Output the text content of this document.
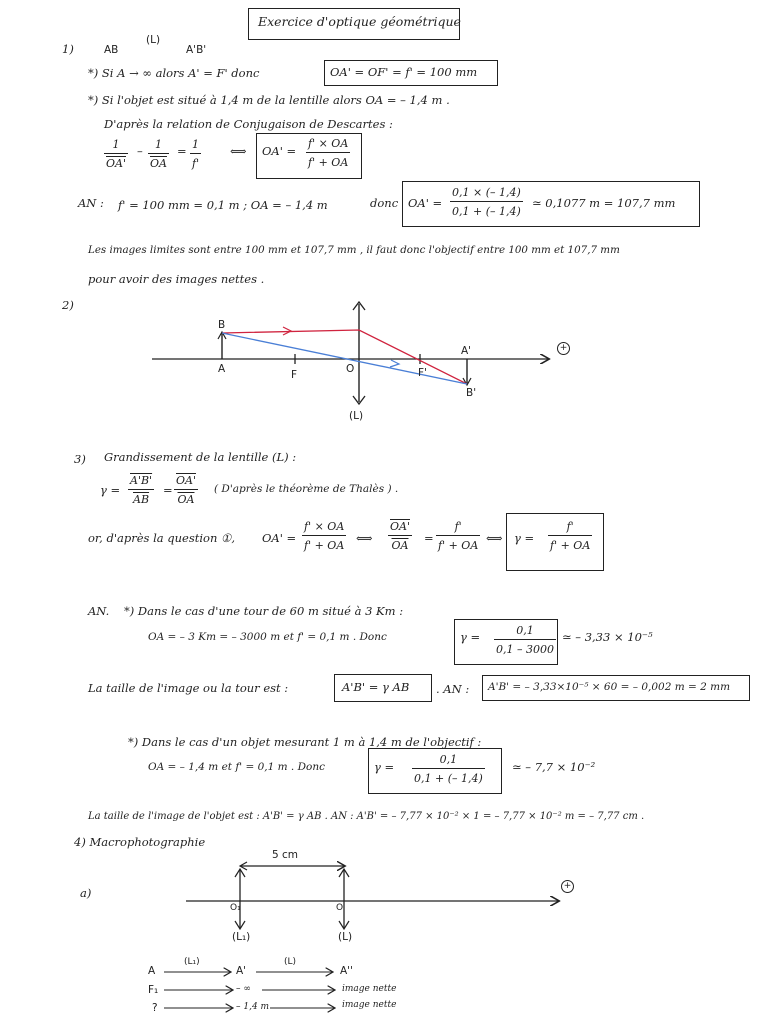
Exercice d'optique géométrique
1)	AB
(L)
A'B'
*) Si A → ∞ alors A' = F' donc	OA' = OF' = f' = 100 mm
*) Si l'objet est situé à 1,4 m de la lentille alors OA = – 1,4 m .
D'après la relation de Conjugaison de Descartes :
$\frac{1}{OA'} - \frac{1}{OA} = 1$
f'
⟺ OA' =
f' × OA
f' + OA
AN : f' = 100 mm = 0,1 m ; OA = – 1,4 m	donc OA' =
0,1 × (– 1,4)
0,1 + (– 1,4)
≃ 0,1077 m = 107,7 mm
Les images limites sont entre 100 mm et 107,7 mm , il faut donc l'objectif entre 100 mm et 107,7 mm
pour avoir des images nettes .
2)
B
A	F	O
A'
F'
B'
(L)
+
3) Grandissement de la lentille (L) :
$\gamma = \frac{A'B'}{AB} = \frac{OA'}{OA}$ ( D'après le théorème de Thalès ) .
or, d'après la question ①, OA' =
f' × OA
f' + OA
⟺ $\frac{OA'}{OA}$ =
f'
f' + OA
⟺ γ =
f'
f' + OA
AN. *) Dans le cas d'une tour de 60 m situé à 3 Km :
OA = – 3 Km = – 3000 m et f' = 0,1 m . Donc	γ =	0,1
0,1 – 3000
≃ – 3,33 × 10⁻⁵
La taille de l'image ou la tour est :	A'B' = γ AB . AN : A'B' = – 3,33×10⁻⁵ × 60 = – 0,002 m = 2 mm
*) Dans le cas d'un objet mesurant 1 m à 1,4 m de l'objectif :
OA = – 1,4 m et f' = 0,1 m . Donc	γ =
0,1
0,1 + (– 1,4)
≃ – 7,7 × 10⁻²
La taille de l'image de l'objet est : A'B' = γ AB . AN : A'B' = – 7,77 × 10⁻² × 1 = – 7,77 × 10⁻² m = – 7,77 cm .
4) Macrophotographie
a)
5 cm
O₁	O
(L₁)	(L)
+
A
(L₁)
A'
(L)
A''
F₁	– ∞	image nette
?	– 1,4 m	image nette
